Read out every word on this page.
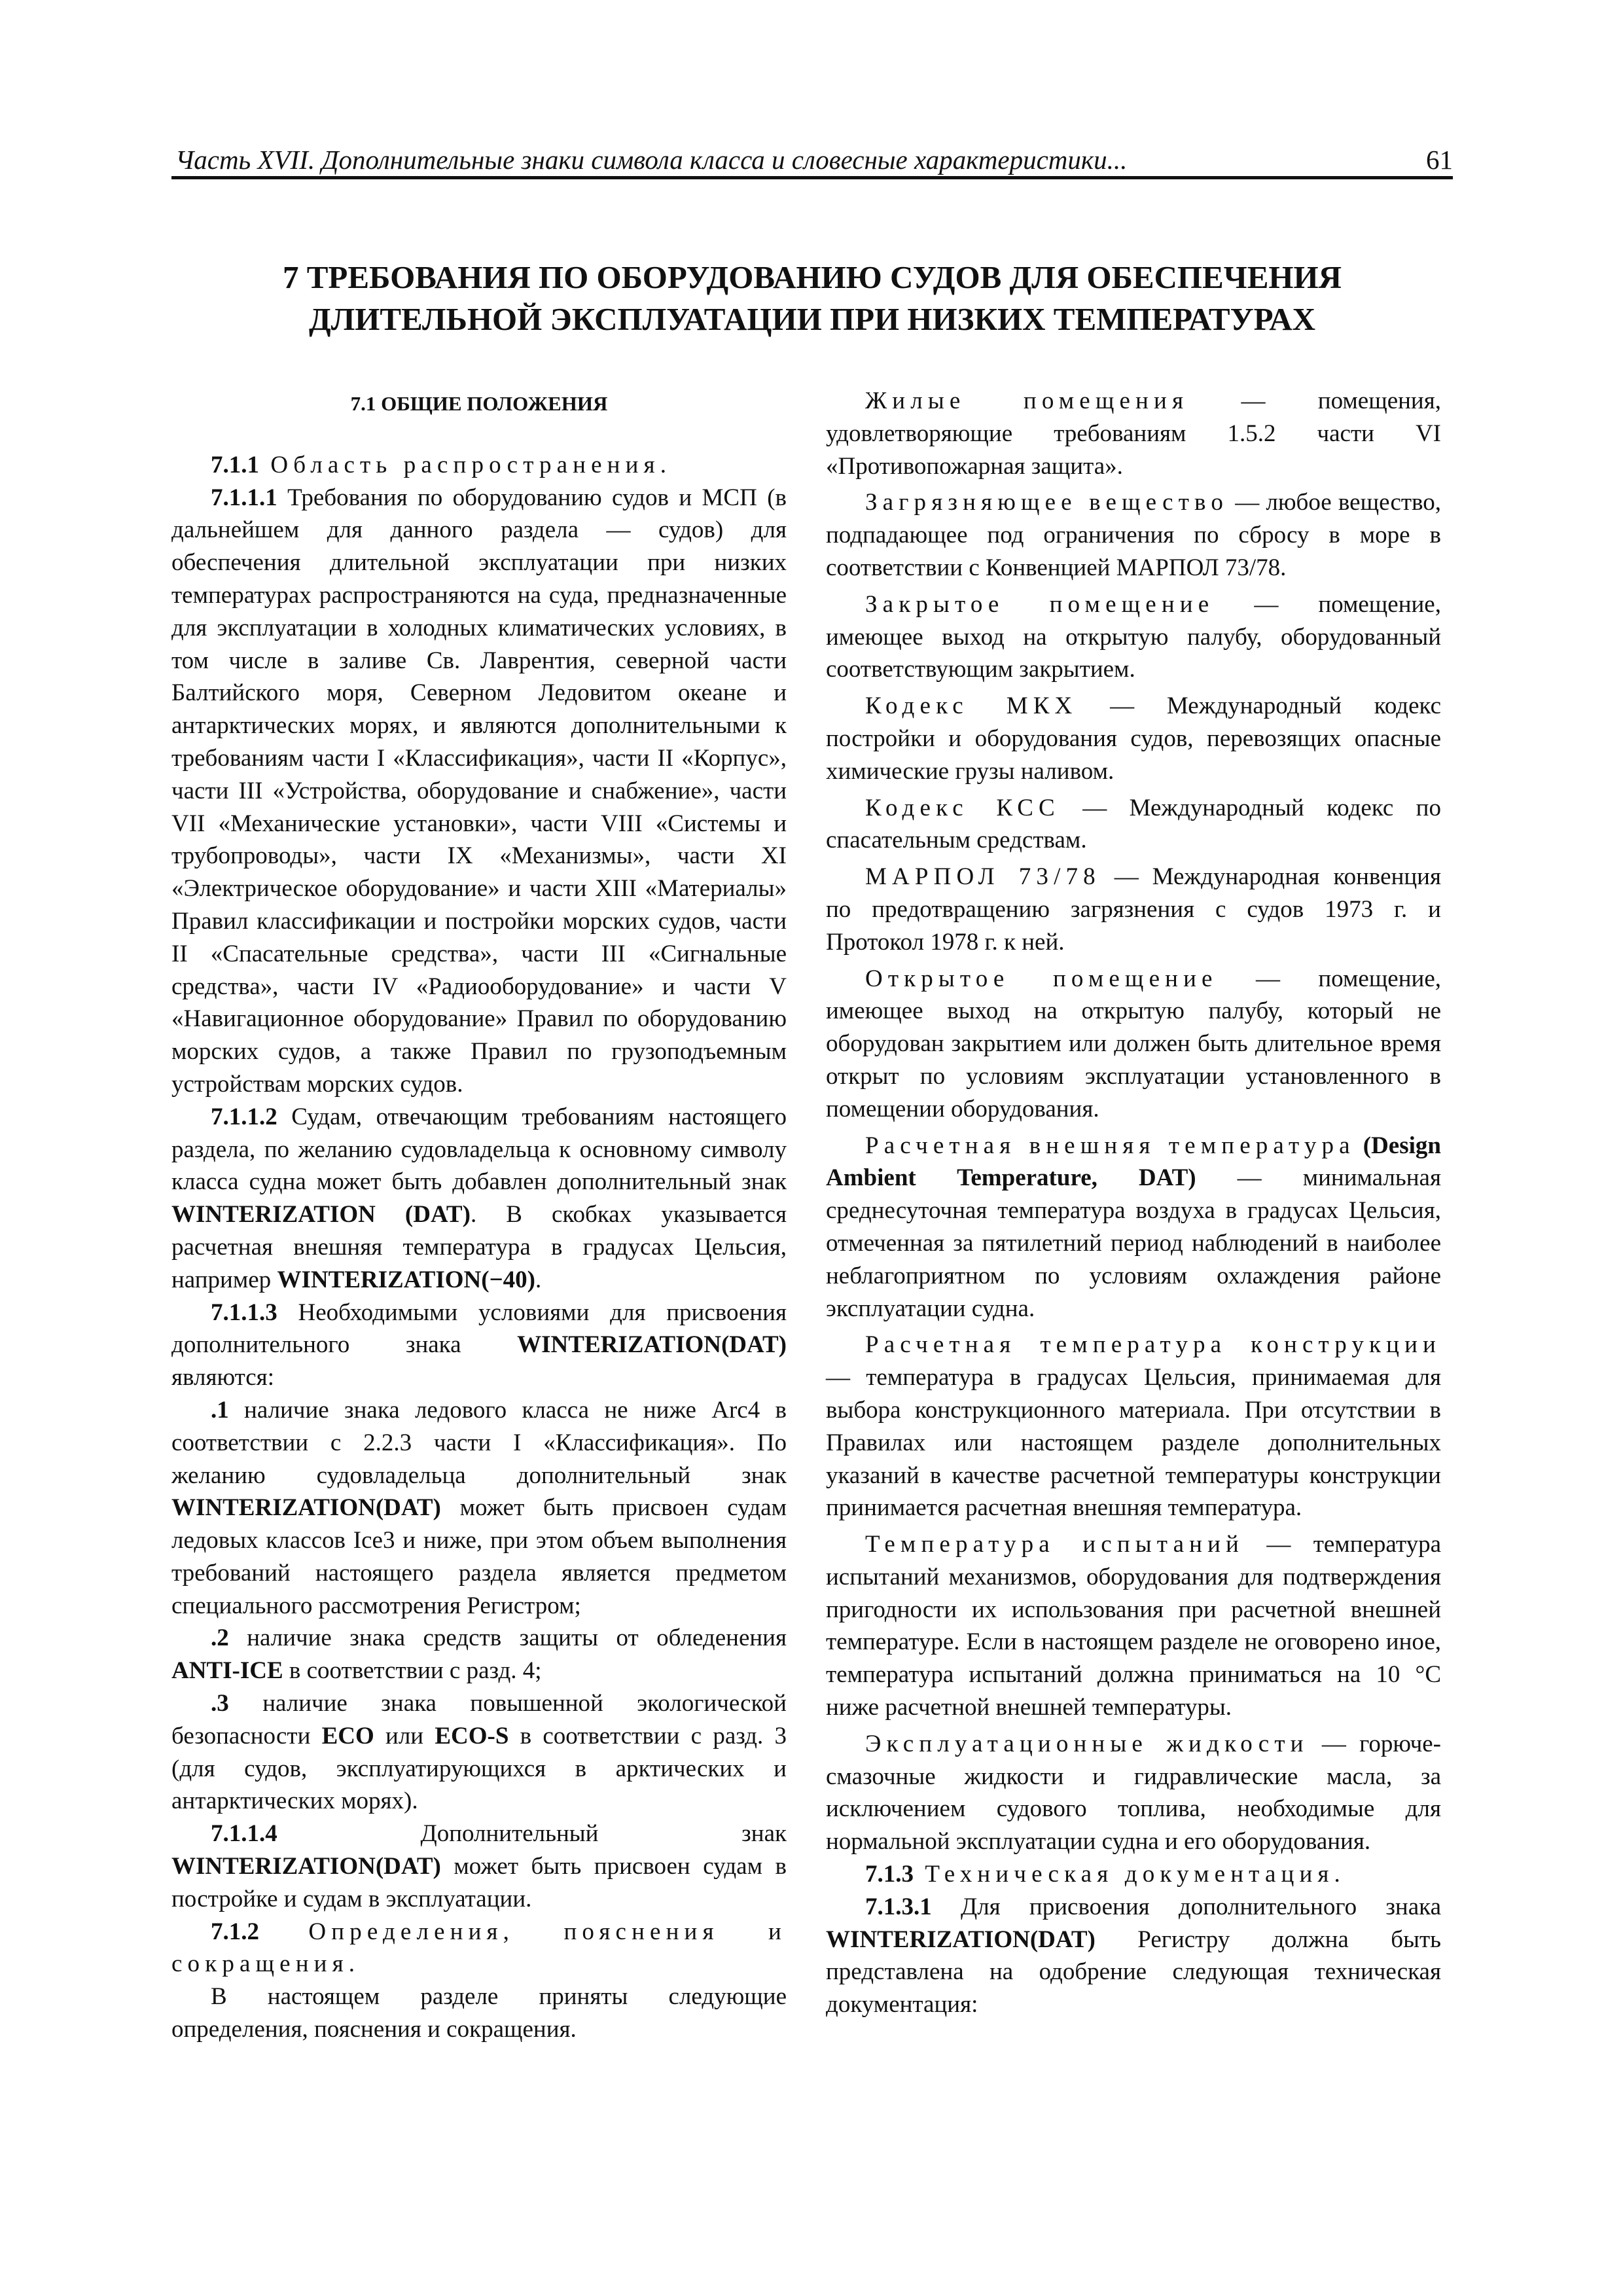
Часть XVII. Дополнительные знаки символа класса и словесные характеристики...	61
7 ТРЕБОВАНИЯ ПО ОБОРУДОВАНИЮ СУДОВ ДЛЯ ОБЕСПЕЧЕНИЯ
ДЛИТЕЛЬНОЙ ЭКСПЛУАТАЦИИ ПРИ НИЗКИХ ТЕМПЕРАТУРАХ

7.1 ОБЩИЕ ПОЛОЖЕНИЯ

7.1.1 Область распространения.

7.1.1.1 Требования по оборудованию судов и МСП (в дальнейшем для данного раздела — судов) для обеспечения длительной эксплуатации при низких температурах распространяются на суда, предназначенные для эксплуатации в холодных климатических условиях, в том числе в заливе Св. Лаврентия, северной части Балтийского моря, Северном Ледовитом океане и антарктических морях, и являются дополнительными к требованиям части I «Классификация», части II «Корпус», части III «Устройства, оборудование и снабжение», части VII «Механические установки», части VIII «Системы и трубопроводы», части IX «Механизмы», части XI «Электрическое оборудование» и части XIII «Материалы» Правил классификации и постройки морских судов, части II «Спасательные средства», части III «Сигнальные средства», части IV «Радиооборудование» и части V «Навигационное оборудование» Правил по оборудованию морских судов, а также Правил по грузоподъемным устройствам морских судов.

7.1.1.2 Судам, отвечающим требованиям настоящего раздела, по желанию судовладельца к основному символу класса судна может быть добавлен дополнительный знак WINTERIZATION (DAT). В скобках указывается расчетная внешняя температура в градусах Цельсия, например WINTERIZATION(−40).

7.1.1.3 Необходимыми условиями для присвоения дополнительного знака WINTERIZATION(DAT) являются:

.1 наличие знака ледового класса не ниже Arc4 в соответствии с 2.2.3 части I «Классификация». По желанию судовладельца дополнительный знак WINTERIZATION(DAT) может быть присвоен судам ледовых классов Ice3 и ниже, при этом объем выполнения требований настоящего раздела является предметом специального рассмотрения Регистром;

.2 наличие знака средств защиты от обледенения ANTI-ICE в соответствии с разд. 4;

.3 наличие знака повышенной экологической безопасности ECO или ECO-S в соответствии с разд. 3 (для судов, эксплуатирующихся в арктических и антарктических морях).

7.1.1.4 Дополнительный знак WINTERIZATION(DAT) может быть присвоен судам в постройке и судам в эксплуатации.

7.1.2 Определения, пояснения и сокращения.

В настоящем разделе приняты следующие определения, пояснения и сокращения.

Жилые помещения — помещения, удовлетворяющие требованиям 1.5.2 части VI «Противопожарная защита».

Загрязняющее вещество — любое вещество, подпадающее под ограничения по сбросу в море в соответствии с Конвенцией МАРПОЛ 73/78.

Закрытое помещение — помещение, имеющее выход на открытую палубу, оборудованный соответствующим закрытием.

Кодекс МКХ — Международный кодекс постройки и оборудования судов, перевозящих опасные химические грузы наливом.

Кодекс КСС — Международный кодекс по спасательным средствам.

МАРПОЛ 73/78 — Международная конвенция по предотвращению загрязнения с судов 1973 г. и Протокол 1978 г. к ней.

Открытое помещение — помещение, имеющее выход на открытую палубу, который не оборудован закрытием или должен быть длительное время открыт по условиям эксплуатации установленного в помещении оборудования.

Расчетная внешняя температура (Design Ambient Temperature, DAT) — минимальная среднесуточная температура воздуха в градусах Цельсия, отмеченная за пятилетний период наблюдений в наиболее неблагоприятном по условиям охлаждения районе эксплуатации судна.

Расчетная температура конструкции — температура в градусах Цельсия, принимаемая для выбора конструкционного материала. При отсутствии в Правилах или настоящем разделе дополнительных указаний в качестве расчетной температуры конструкции принимается расчетная внешняя температура.

Температура испытаний — температура испытаний механизмов, оборудования для подтверждения пригодности их использования при расчетной внешней температуре. Если в настоящем разделе не оговорено иное, температура испытаний должна приниматься на 10 °С ниже расчетной внешней температуры.

Эксплуатационные жидкости — горюче-смазочные жидкости и гидравлические масла, за исключением судового топлива, необходимые для нормальной эксплуатации судна и его оборудования.

7.1.3 Техническая документация.

7.1.3.1 Для присвоения дополнительного знака WINTERIZATION(DAT) Регистру должна быть представлена на одобрение следующая техническая документация:
